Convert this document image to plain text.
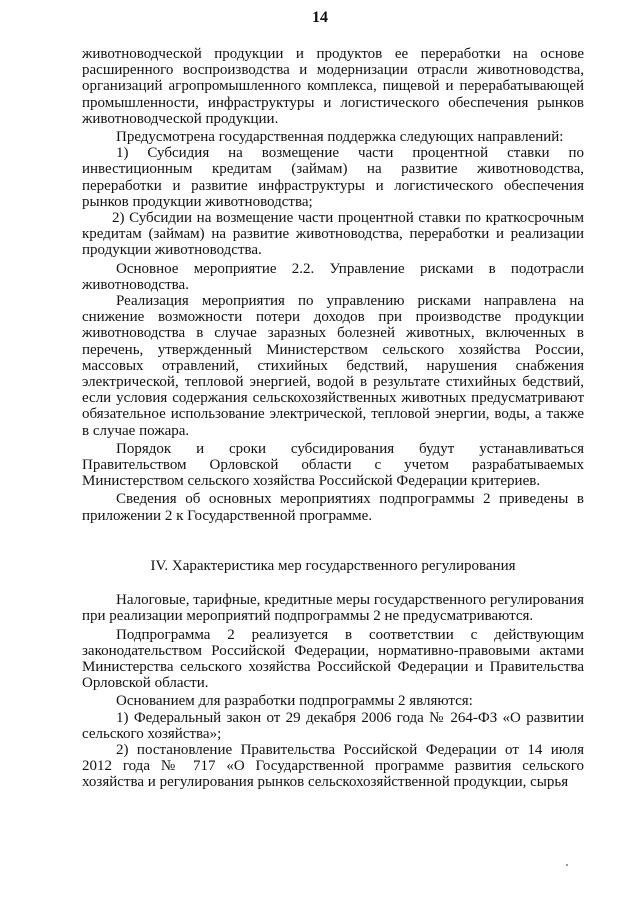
14

животноводческой продукции и продуктов ее переработки на основе расширенного воспроизводства и модернизации отрасли животноводства, организаций агропромышленного комплекса, пищевой и перерабатывающей промышленности, инфраструктуры и логистического обеспечения рынков животноводческой продукции.

Предусмотрена государственная поддержка следующих направлений:

1) Субсидия на возмещение части процентной ставки по инвестиционным кредитам (займам) на развитие животноводства, переработки и развитие инфраструктуры и логистического обеспечения рынков продукции животноводства;

2) Субсидии на возмещение части процентной ставки по краткосрочным кредитам (займам) на развитие животноводства, переработки и реализации продукции животноводства.

Основное мероприятие 2.2. Управление рисками в подотрасли животноводства.

Реализация мероприятия по управлению рисками направлена на снижение возможности потери доходов при производстве продукции животноводства в случае заразных болезней животных, включенных в перечень, утвержденный Министерством сельского хозяйства России, массовых отравлений, стихийных бедствий, нарушения снабжения электрической, тепловой энергией, водой в результате стихийных бедствий, если условия содержания сельскохозяйственных животных предусматривают обязательное использование электрической, тепловой энергии, воды, а также в случае пожара.

Порядок и сроки субсидирования будут устанавливаться Правительством Орловской области с учетом разрабатываемых Министерством сельского хозяйства Российской Федерации критериев.

Сведения об основных мероприятиях подпрограммы 2 приведены в приложении 2 к Государственной программе.

IV. Характеристика мер государственного регулирования

Налоговые, тарифные, кредитные меры государственного регулирования при реализации мероприятий подпрограммы 2 не предусматриваются.

Подпрограмма 2 реализуется в соответствии с действующим законодательством Российской Федерации, нормативно-правовыми актами Министерства сельского хозяйства Российской Федерации и Правительства Орловской области.

Основанием для разработки подпрограммы 2 являются:

1) Федеральный закон от 29 декабря 2006 года № 264-ФЗ «О развитии сельского хозяйства»;

2) постановление Правительства Российской Федерации от 14 июля 2012 года № 717 «О Государственной программе развития сельского хозяйства и регулирования рынков сельскохозяйственной продукции, сырья
